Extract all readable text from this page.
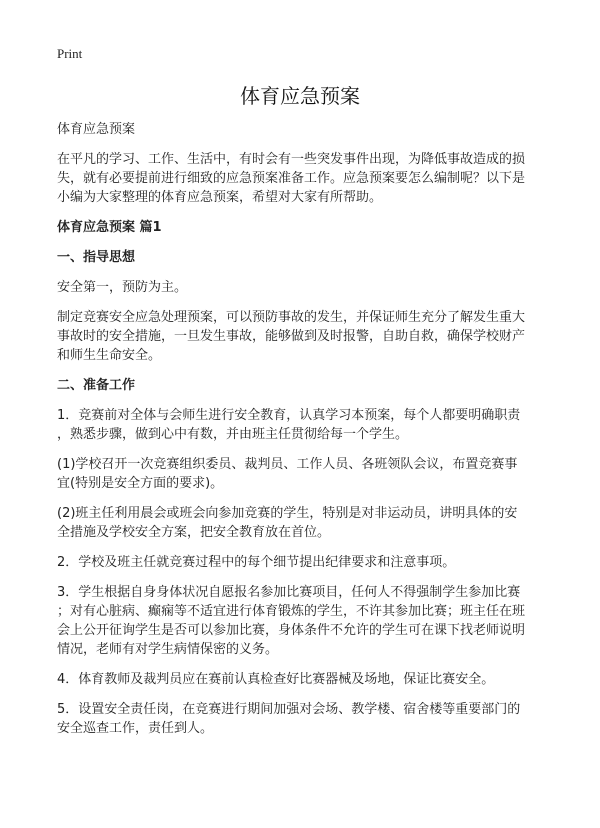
Print
体育应急预案
体育应急预案
在平凡的学习、工作、生活中，有时会有一些突发事件出现，为降低事故造成的损
失，就有必要提前进行细致的应急预案准备工作。应急预案要怎么编制呢？以下是
小编为大家整理的体育应急预案，希望对大家有所帮助。
体育应急预案 篇1
一、指导思想
安全第一，预防为主。
制定竞赛安全应急处理预案，可以预防事故的发生，并保证师生充分了解发生重大
事故时的安全措施，一旦发生事故，能够做到及时报警，自助自救，确保学校财产
和师生生命安全。
二、准备工作
1．竞赛前对全体与会师生进行安全教育，认真学习本预案，每个人都要明确职责
，熟悉步骤，做到心中有数，并由班主任贯彻给每一个学生。
(1)学校召开一次竞赛组织委员、裁判员、工作人员、各班领队会议，布置竞赛事
宜(特别是安全方面的要求)。
(2)班主任利用晨会或班会向参加竞赛的学生，特别是对非运动员，讲明具体的安
全措施及学校安全方案，把安全教育放在首位。
2．学校及班主任就竞赛过程中的每个细节提出纪律要求和注意事项。
3．学生根据自身身体状况自愿报名参加比赛项目，任何人不得强制学生参加比赛
；对有心脏病、癫痫等不适宜进行体育锻炼的学生，不许其参加比赛；班主任在班
会上公开征询学生是否可以参加比赛，身体条件不允许的学生可在课下找老师说明
情况，老师有对学生病情保密的义务。
4．体育教师及裁判员应在赛前认真检查好比赛器械及场地，保证比赛安全。
5．设置安全责任岗，在竞赛进行期间加强对会场、教学楼、宿舍楼等重要部门的
安全巡查工作，责任到人。
